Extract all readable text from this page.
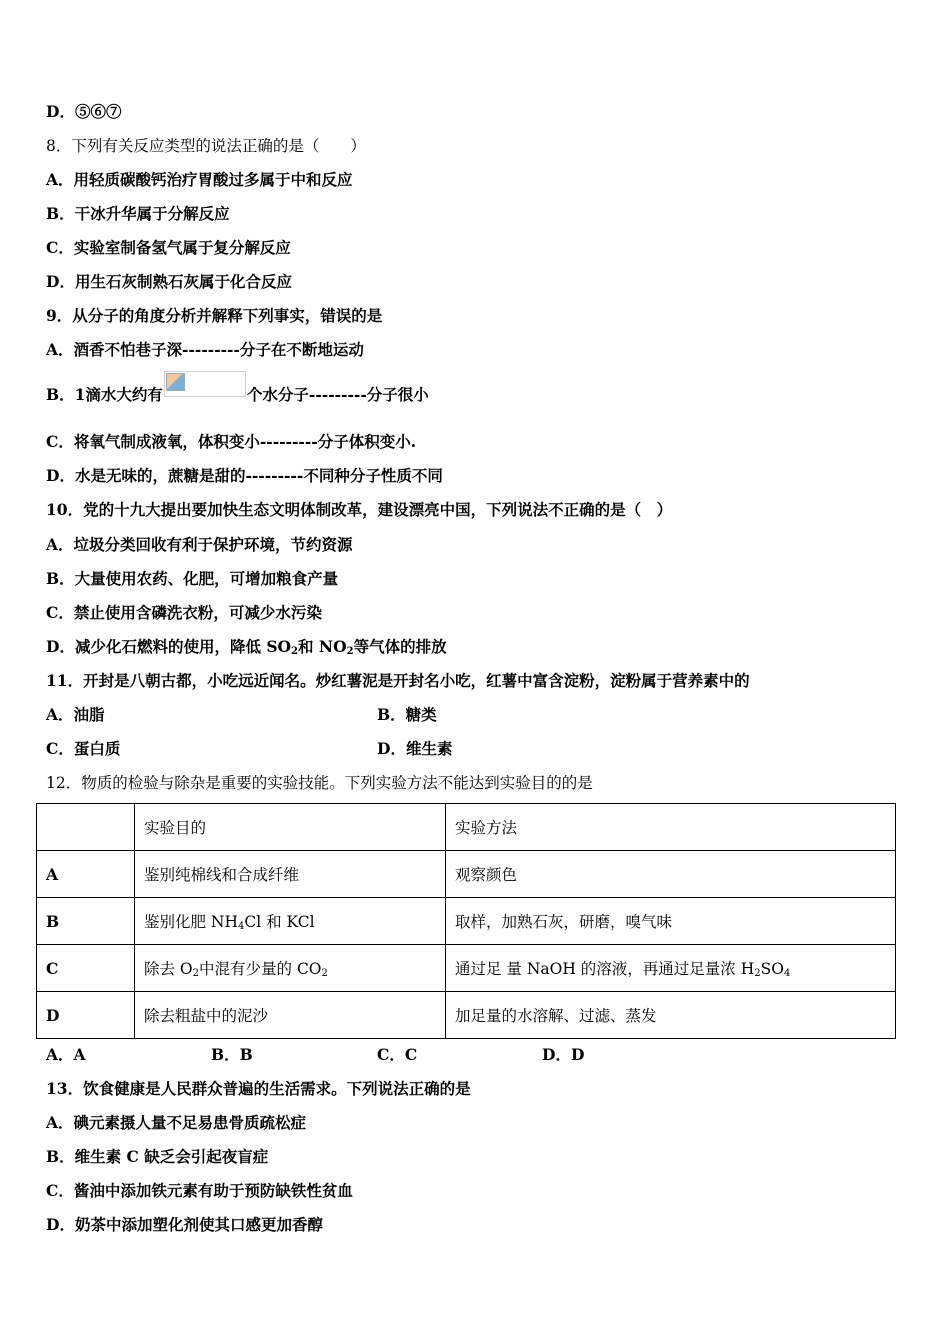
D．⑤⑥⑦
8．下列有关反应类型的说法正确的是（　　）
A．用轻质碳酸钙治疗胃酸过多属于中和反应
B．干冰升华属于分解反应
C．实验室制备氢气属于复分解反应
D．用生石灰制熟石灰属于化合反应
9．从分子的角度分析并解释下列事实，错误的是
A．酒香不怕巷子深---------分子在不断地运动
B．1滴水大约有	个水分子---------分子很小
C．将氧气制成液氧，体积变小---------分子体积变小.
D．水是无味的，蔗糖是甜的---------不同种分子性质不同
10．党的十九大提出要加快生态文明体制改革，建设漂亮中国，下列说法不正确的是（　）
A．垃圾分类回收有利于保护环境，节约资源
B．大量使用农药、化肥，可增加粮食产量
C．禁止使用含磷洗衣粉，可减少水污染
D．减少化石燃料的使用，降低 $SO_2$和 $NO_2$等气体的排放
11．开封是八朝古都，小吃远近闻名。炒红薯泥是开封名小吃，红薯中富含淀粉，淀粉属于营养素中的
A．油脂	B．糖类
C．蛋白质	D．维生素
12．物质的检验与除杂是重要的实验技能。下列实验方法不能达到实验目的的是
	实验目的	实验方法
A	鉴别纯棉线和合成纤维	观察颜色
B	鉴别化肥 $NH_4Cl$ 和 KCl	取样，加熟石灰，研磨，嗅气味
C	除去 $O_2$中混有少量的 $CO_2$	通过足 量 NaOH 的溶液，再通过足量浓 $H_2SO_4$
D	除去粗盐中的泥沙	加足量的水溶解、过滤、蒸发
A．A	B．B	C．C	D．D
13．饮食健康是人民群众普遍的生活需求。下列说法正确的是
A．碘元素摄人量不足易患骨质疏松症
B．维生素 C 缺乏会引起夜盲症
C．酱油中添加铁元素有助于预防缺铁性贫血
D．奶茶中添加塑化剂使其口感更加香醇
